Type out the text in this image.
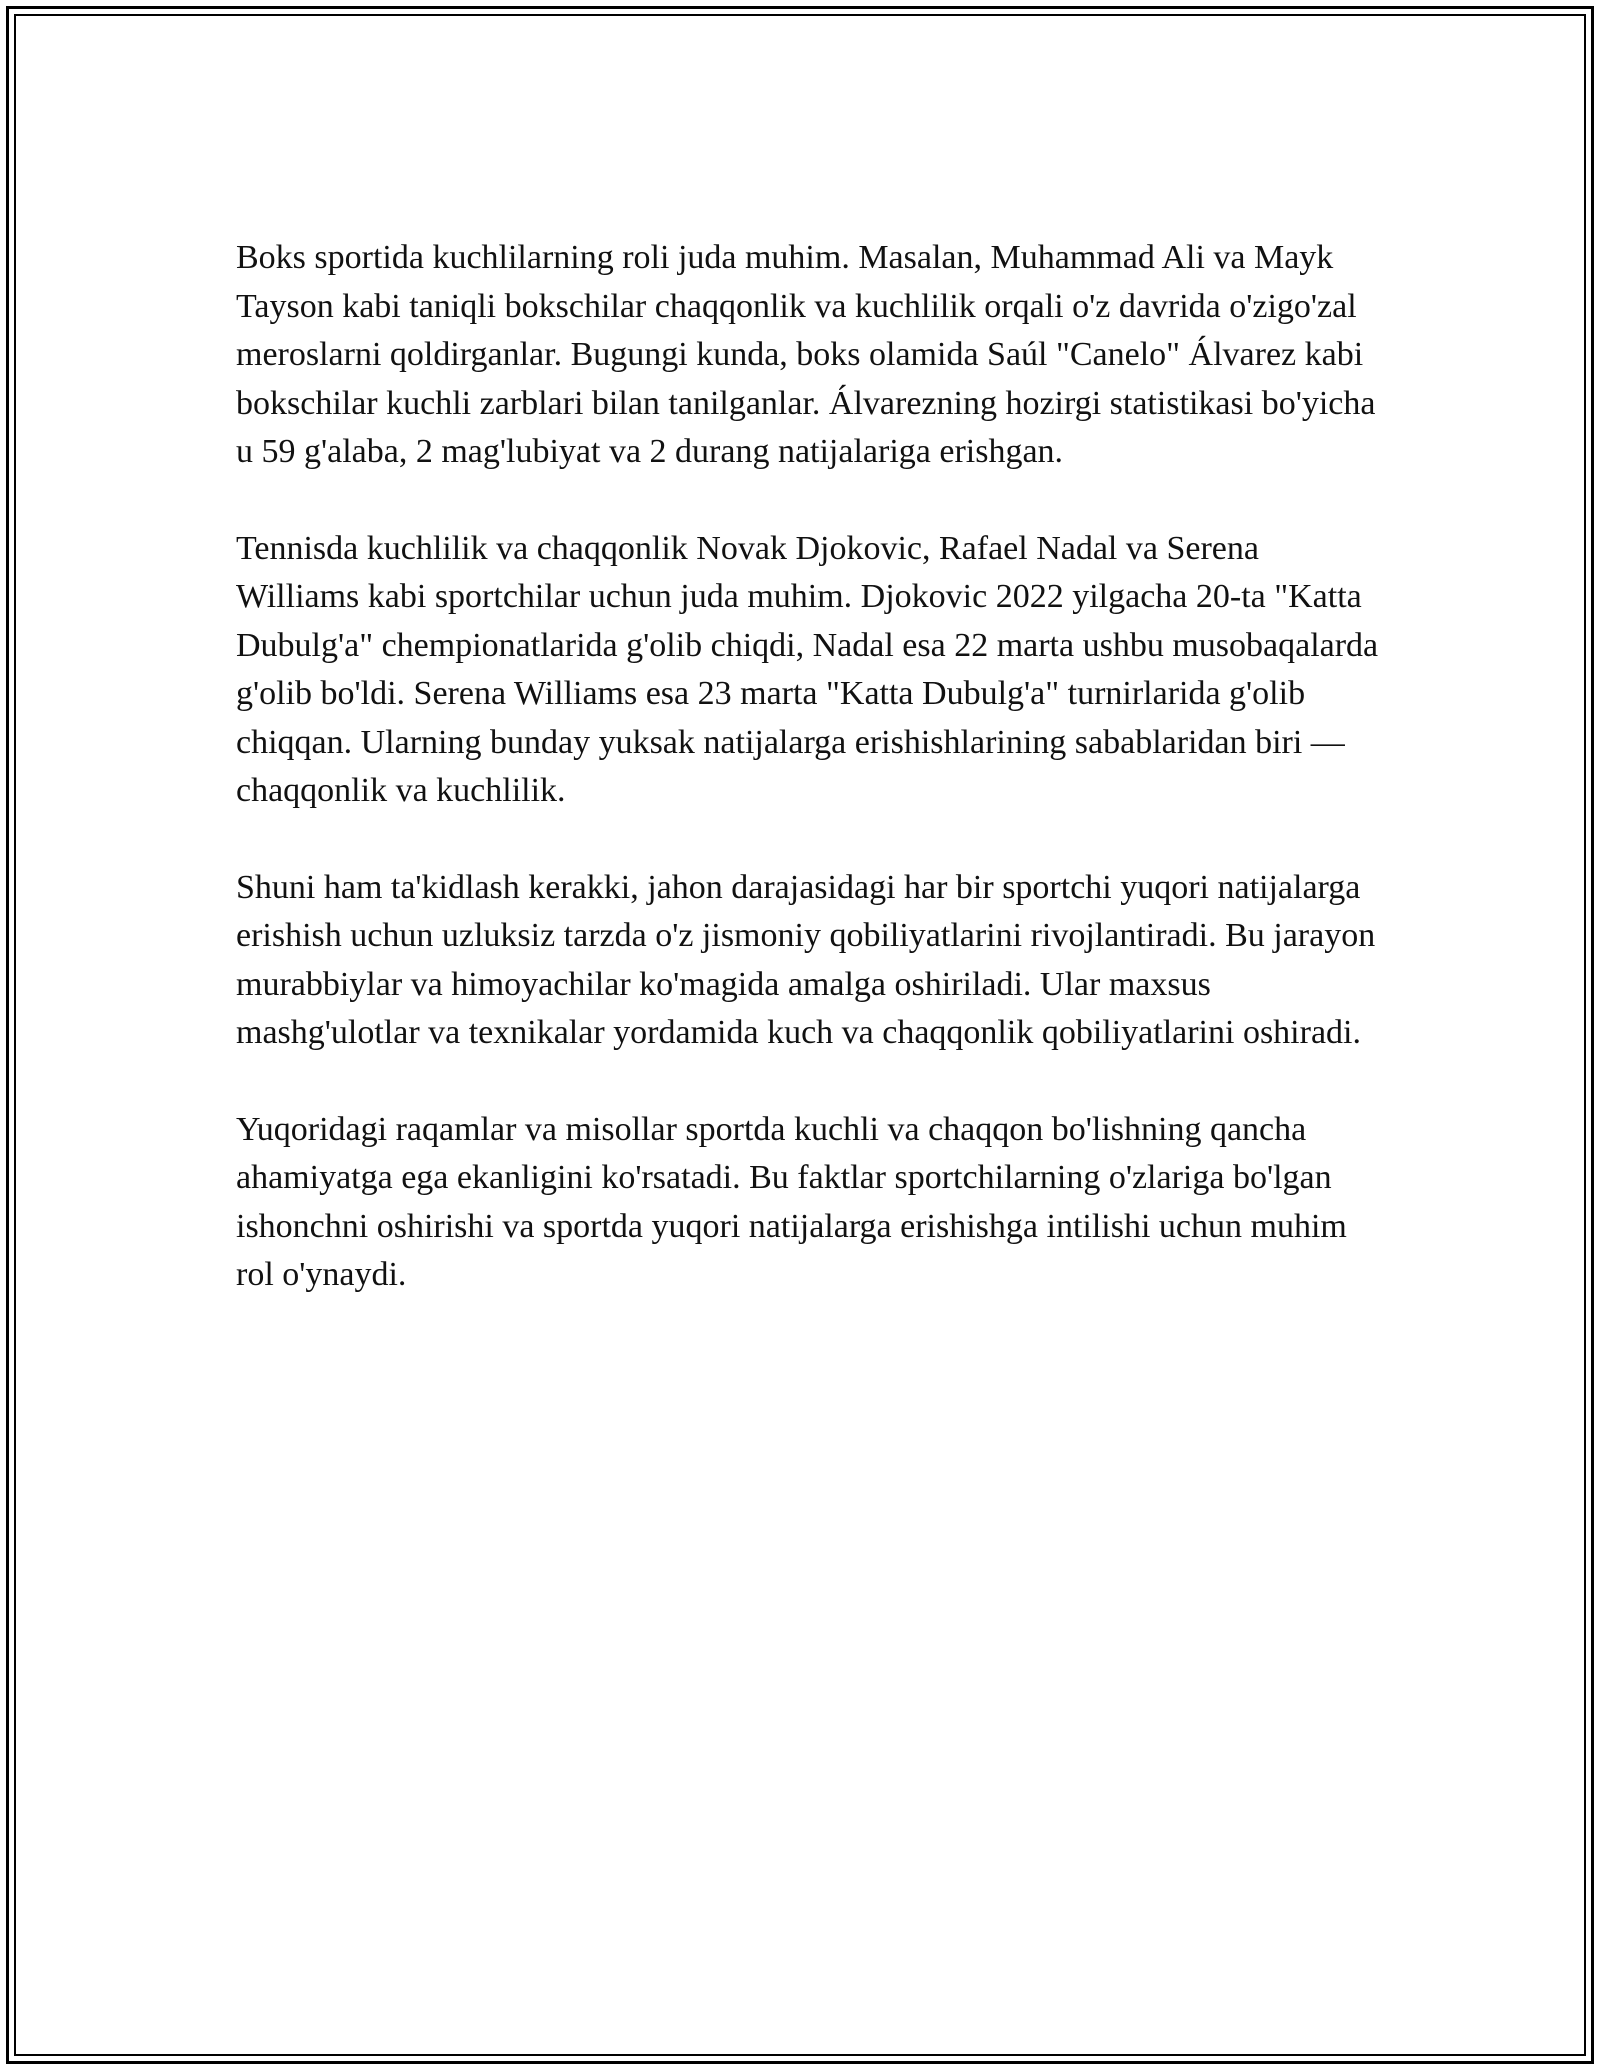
Boks sportida kuchlilarning roli juda muhim. Masalan, Muhammad Ali va Mayk Tayson kabi taniqli bokschilar chaqqonlik va kuchlilik orqali o'z davrida o'zigo'zal meroslarni qoldirganlar. Bugungi kunda, boks olamida Saúl "Canelo" Álvarez kabi bokschilar kuchli zarblari bilan tanilganlar. Álvarezning hozirgi statistikasi bo'yicha u 59 g'alaba, 2 mag'lubiyat va 2 durang natijalariga erishgan.

Tennisda kuchlilik va chaqqonlik Novak Djokovic, Rafael Nadal va Serena Williams kabi sportchilar uchun juda muhim. Djokovic 2022 yilgacha 20-ta "Katta Dubulg'a" chempionatlarida g'olib chiqdi, Nadal esa 22 marta ushbu musobaqalarda g'olib bo'ldi. Serena Williams esa 23 marta "Katta Dubulg'a" turnirlarida g'olib chiqqan. Ularning bunday yuksak natijalarga erishishlarining sabablaridan biri — chaqqonlik va kuchlilik.

Shuni ham ta'kidlash kerakki, jahon darajasidagi har bir sportchi yuqori natijalarga erishish uchun uzluksiz tarzda o'z jismoniy qobiliyatlarini rivojlantiradi. Bu jarayon murabbiylar va himoyachilar ko'magida amalga oshiriladi. Ular maxsus mashg'ulotlar va texnikalar yordamida kuch va chaqqonlik qobiliyatlarini oshiradi.

Yuqoridagi raqamlar va misollar sportda kuchli va chaqqon bo'lishning qancha ahamiyatga ega ekanligini ko'rsatadi. Bu faktlar sportchilarning o'zlariga bo'lgan ishonchni oshirishi va sportda yuqori natijalarga erishishga intilishi uchun muhim rol o'ynaydi.
